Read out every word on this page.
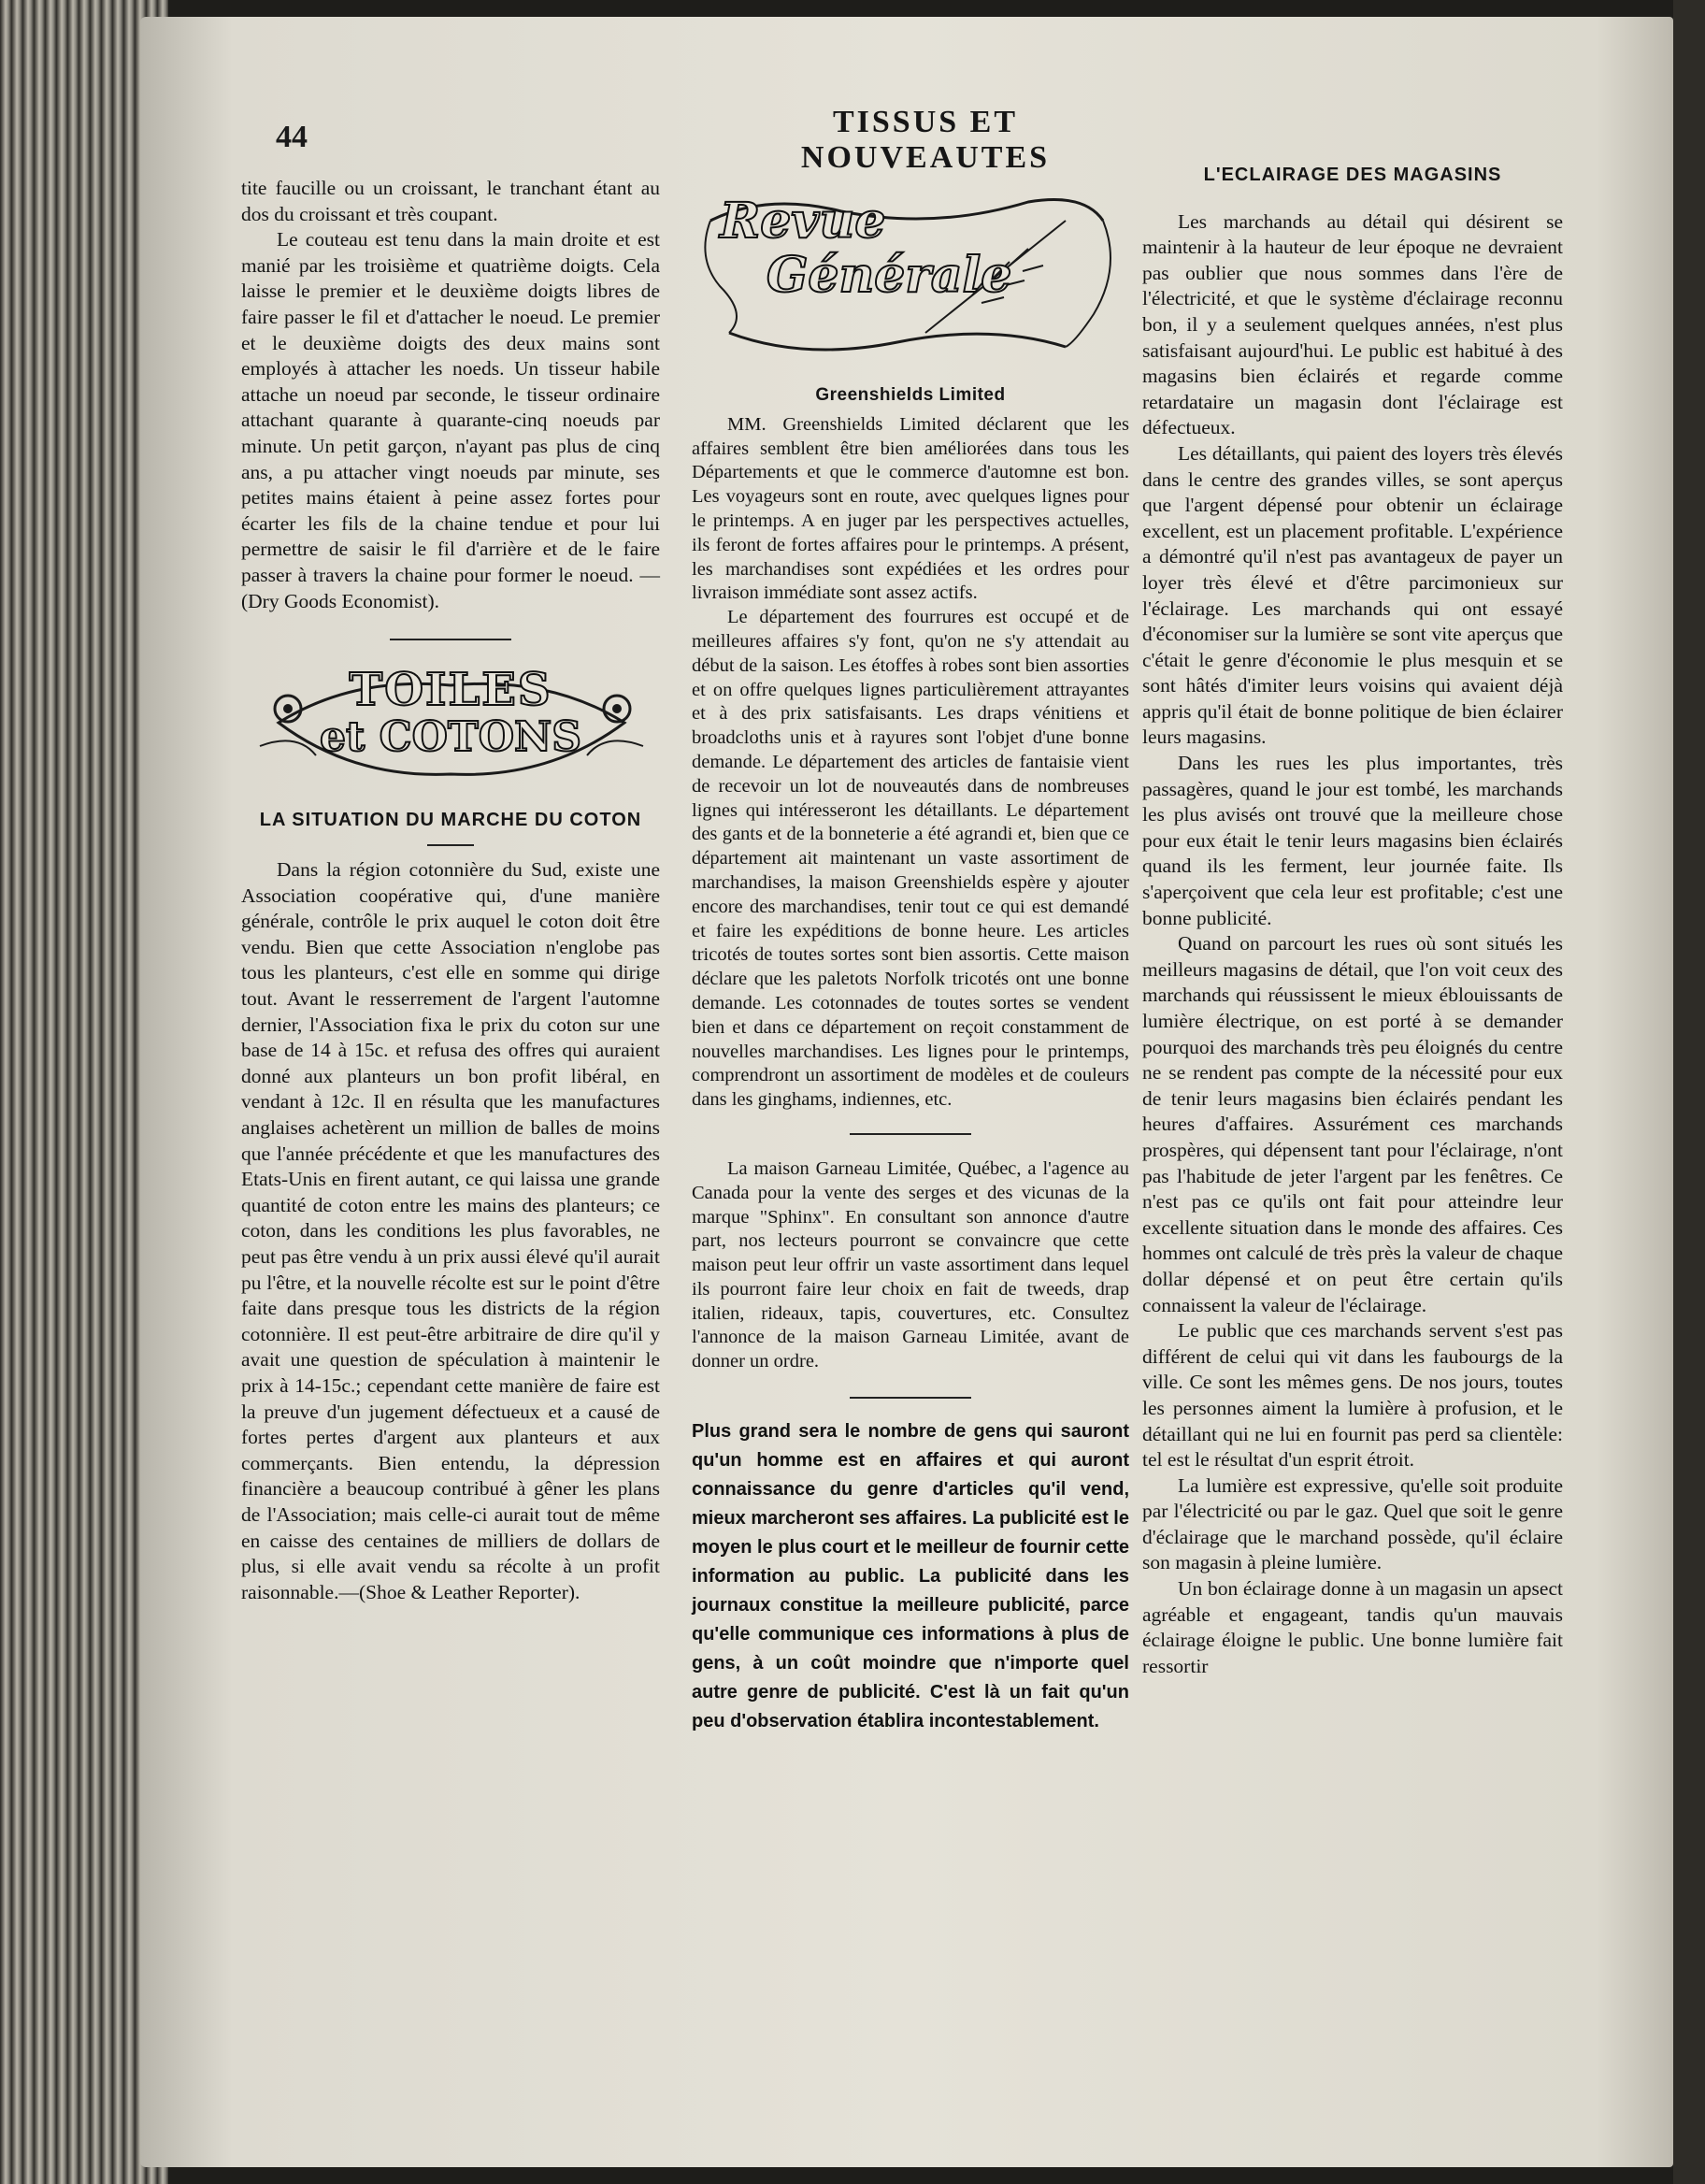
44	TISSUS ET NOUVEAUTES

tite faucille ou un croissant, le tranchant étant au dos du croissant et très coupant.

Le couteau est tenu dans la main droite et est manié par les troisième et quatrième doigts. Cela laisse le premier et le deuxième doigts libres de faire passer le fil et d'attacher le noeud. Le premier et le deuxième doigts des deux mains sont employés à attacher les noeds. Un tisseur habile attache un noeud par seconde, le tisseur ordinaire attachant quarante à quarante-cinq noeuds par minute. Un petit garçon, n'ayant pas plus de cinq ans, a pu attacher vingt noeuds par minute, ses petites mains étaient à peine assez fortes pour écarter les fils de la chaine tendue et pour lui permettre de saisir le fil d'arrière et de le faire passer à travers la chaine pour former le noeud. — (Dry Goods Economist).

TOILES
et COTONS
LA SITUATION DU MARCHE DU COTON

Dans la région cotonnière du Sud, existe une Association coopérative qui, d'une manière générale, contrôle le prix auquel le coton doit être vendu. Bien que cette Association n'englobe pas tous les planteurs, c'est elle en somme qui dirige tout. Avant le resserrement de l'argent l'automne dernier, l'Association fixa le prix du coton sur une base de 14 à 15c. et refusa des offres qui auraient donné aux planteurs un bon profit libéral, en vendant à 12c. Il en résulta que les manufactures anglaises achetèrent un million de balles de moins que l'année précédente et que les manufactures des Etats-Unis en firent autant, ce qui laissa une grande quantité de coton entre les mains des planteurs; ce coton, dans les conditions les plus favorables, ne peut pas être vendu à un prix aussi élevé qu'il aurait pu l'être, et la nouvelle récolte est sur le point d'être faite dans presque tous les districts de la région cotonnière. Il est peut-être arbitraire de dire qu'il y avait une question de spéculation à maintenir le prix à 14-15c.; cependant cette manière de faire est la preuve d'un jugement défectueux et a causé de fortes pertes d'argent aux planteurs et aux commerçants. Bien entendu, la dépression financière a beaucoup contribué à gêner les plans de l'Association; mais celle-ci aurait tout de même en caisse des centaines de milliers de dollars de plus, si elle avait vendu sa récolte à un profit raisonnable.—(Shoe & Leather Reporter).

Revue
Générale
Greenshields Limited

MM. Greenshields Limited déclarent que les affaires semblent être bien améliorées dans tous les Départements et que le commerce d'automne est bon. Les voyageurs sont en route, avec quelques lignes pour le printemps. A en juger par les perspectives actuelles, ils feront de fortes affaires pour le printemps. A présent, les marchandises sont expédiées et les ordres pour livraison immédiate sont assez actifs.

Le département des fourrures est occupé et de meilleures affaires s'y font, qu'on ne s'y attendait au début de la saison. Les étoffes à robes sont bien assorties et on offre quelques lignes particulièrement attrayantes et à des prix satisfaisants. Les draps vénitiens et broadcloths unis et à rayures sont l'objet d'une bonne demande. Le département des articles de fantaisie vient de recevoir un lot de nouveautés dans de nombreuses lignes qui intéresseront les détaillants. Le département des gants et de la bonneterie a été agrandi et, bien que ce département ait maintenant un vaste assortiment de marchandises, la maison Greenshields espère y ajouter encore des marchandises, tenir tout ce qui est demandé et faire les expéditions de bonne heure. Les articles tricotés de toutes sortes sont bien assortis. Cette maison déclare que les paletots Norfolk tricotés ont une bonne demande. Les cotonnades de toutes sortes se vendent bien et dans ce département on reçoit constamment de nouvelles marchandises. Les lignes pour le printemps, comprendront un assortiment de modèles et de couleurs dans les ginghams, indiennes, etc.

La maison Garneau Limitée, Québec, a l'agence au Canada pour la vente des serges et des vicunas de la marque "Sphinx". En consultant son annonce d'autre part, nos lecteurs pourront se convaincre que cette maison peut leur offrir un vaste assortiment dans lequel ils pourront faire leur choix en fait de tweeds, drap italien, rideaux, tapis, couvertures, etc. Consultez l'annonce de la maison Garneau Limitée, avant de donner un ordre.

Plus grand sera le nombre de gens qui sauront qu'un homme est en affaires et qui auront connaissance du genre d'articles qu'il vend, mieux marcheront ses affaires. La publicité est le moyen le plus court et le meilleur de fournir cette information au public. La publicité dans les journaux constitue la meilleure publicité, parce qu'elle communique ces informations à plus de gens, à un coût moindre que n'importe quel autre genre de publicité. C'est là un fait qu'un peu d'observation établira incontestablement.
L'ECLAIRAGE DES MAGASINS

Les marchands au détail qui désirent se maintenir à la hauteur de leur époque ne devraient pas oublier que nous sommes dans l'ère de l'électricité, et que le système d'éclairage reconnu bon, il y a seulement quelques années, n'est plus satisfaisant aujourd'hui. Le public est habitué à des magasins bien éclairés et regarde comme retardataire un magasin dont l'éclairage est défectueux.

Les détaillants, qui paient des loyers très élevés dans le centre des grandes villes, se sont aperçus que l'argent dépensé pour obtenir un éclairage excellent, est un placement profitable. L'expérience a démontré qu'il n'est pas avantageux de payer un loyer très élevé et d'être parcimonieux sur l'éclairage. Les marchands qui ont essayé d'économiser sur la lumière se sont vite aperçus que c'était le genre d'économie le plus mesquin et se sont hâtés d'imiter leurs voisins qui avaient déjà appris qu'il était de bonne politique de bien éclairer leurs magasins.

Dans les rues les plus importantes, très passagères, quand le jour est tombé, les marchands les plus avisés ont trouvé que la meilleure chose pour eux était le tenir leurs magasins bien éclairés quand ils les ferment, leur journée faite. Ils s'aperçoivent que cela leur est profitable; c'est une bonne publicité.

Quand on parcourt les rues où sont situés les meilleurs magasins de détail, que l'on voit ceux des marchands qui réussissent le mieux éblouissants de lumière électrique, on est porté à se demander pourquoi des marchands très peu éloignés du centre ne se rendent pas compte de la nécessité pour eux de tenir leurs magasins bien éclairés pendant les heures d'affaires. Assurément ces marchands prospères, qui dépensent tant pour l'éclairage, n'ont pas l'habitude de jeter l'argent par les fenêtres. Ce n'est pas ce qu'ils ont fait pour atteindre leur excellente situation dans le monde des affaires. Ces hommes ont calculé de très près la valeur de chaque dollar dépensé et on peut être certain qu'ils connaissent la valeur de l'éclairage.

Le public que ces marchands servent s'est pas différent de celui qui vit dans les faubourgs de la ville. Ce sont les mêmes gens. De nos jours, toutes les personnes aiment la lumière à profusion, et le détaillant qui ne lui en fournit pas perd sa clientèle: tel est le résultat d'un esprit étroit.

La lumière est expressive, qu'elle soit produite par l'électricité ou par le gaz. Quel que soit le genre d'éclairage que le marchand possède, qu'il éclaire son magasin à pleine lumière.

Un bon éclairage donne à un magasin un apsect agréable et engageant, tandis qu'un mauvais éclairage éloigne le public. Une bonne lumière fait ressortir
